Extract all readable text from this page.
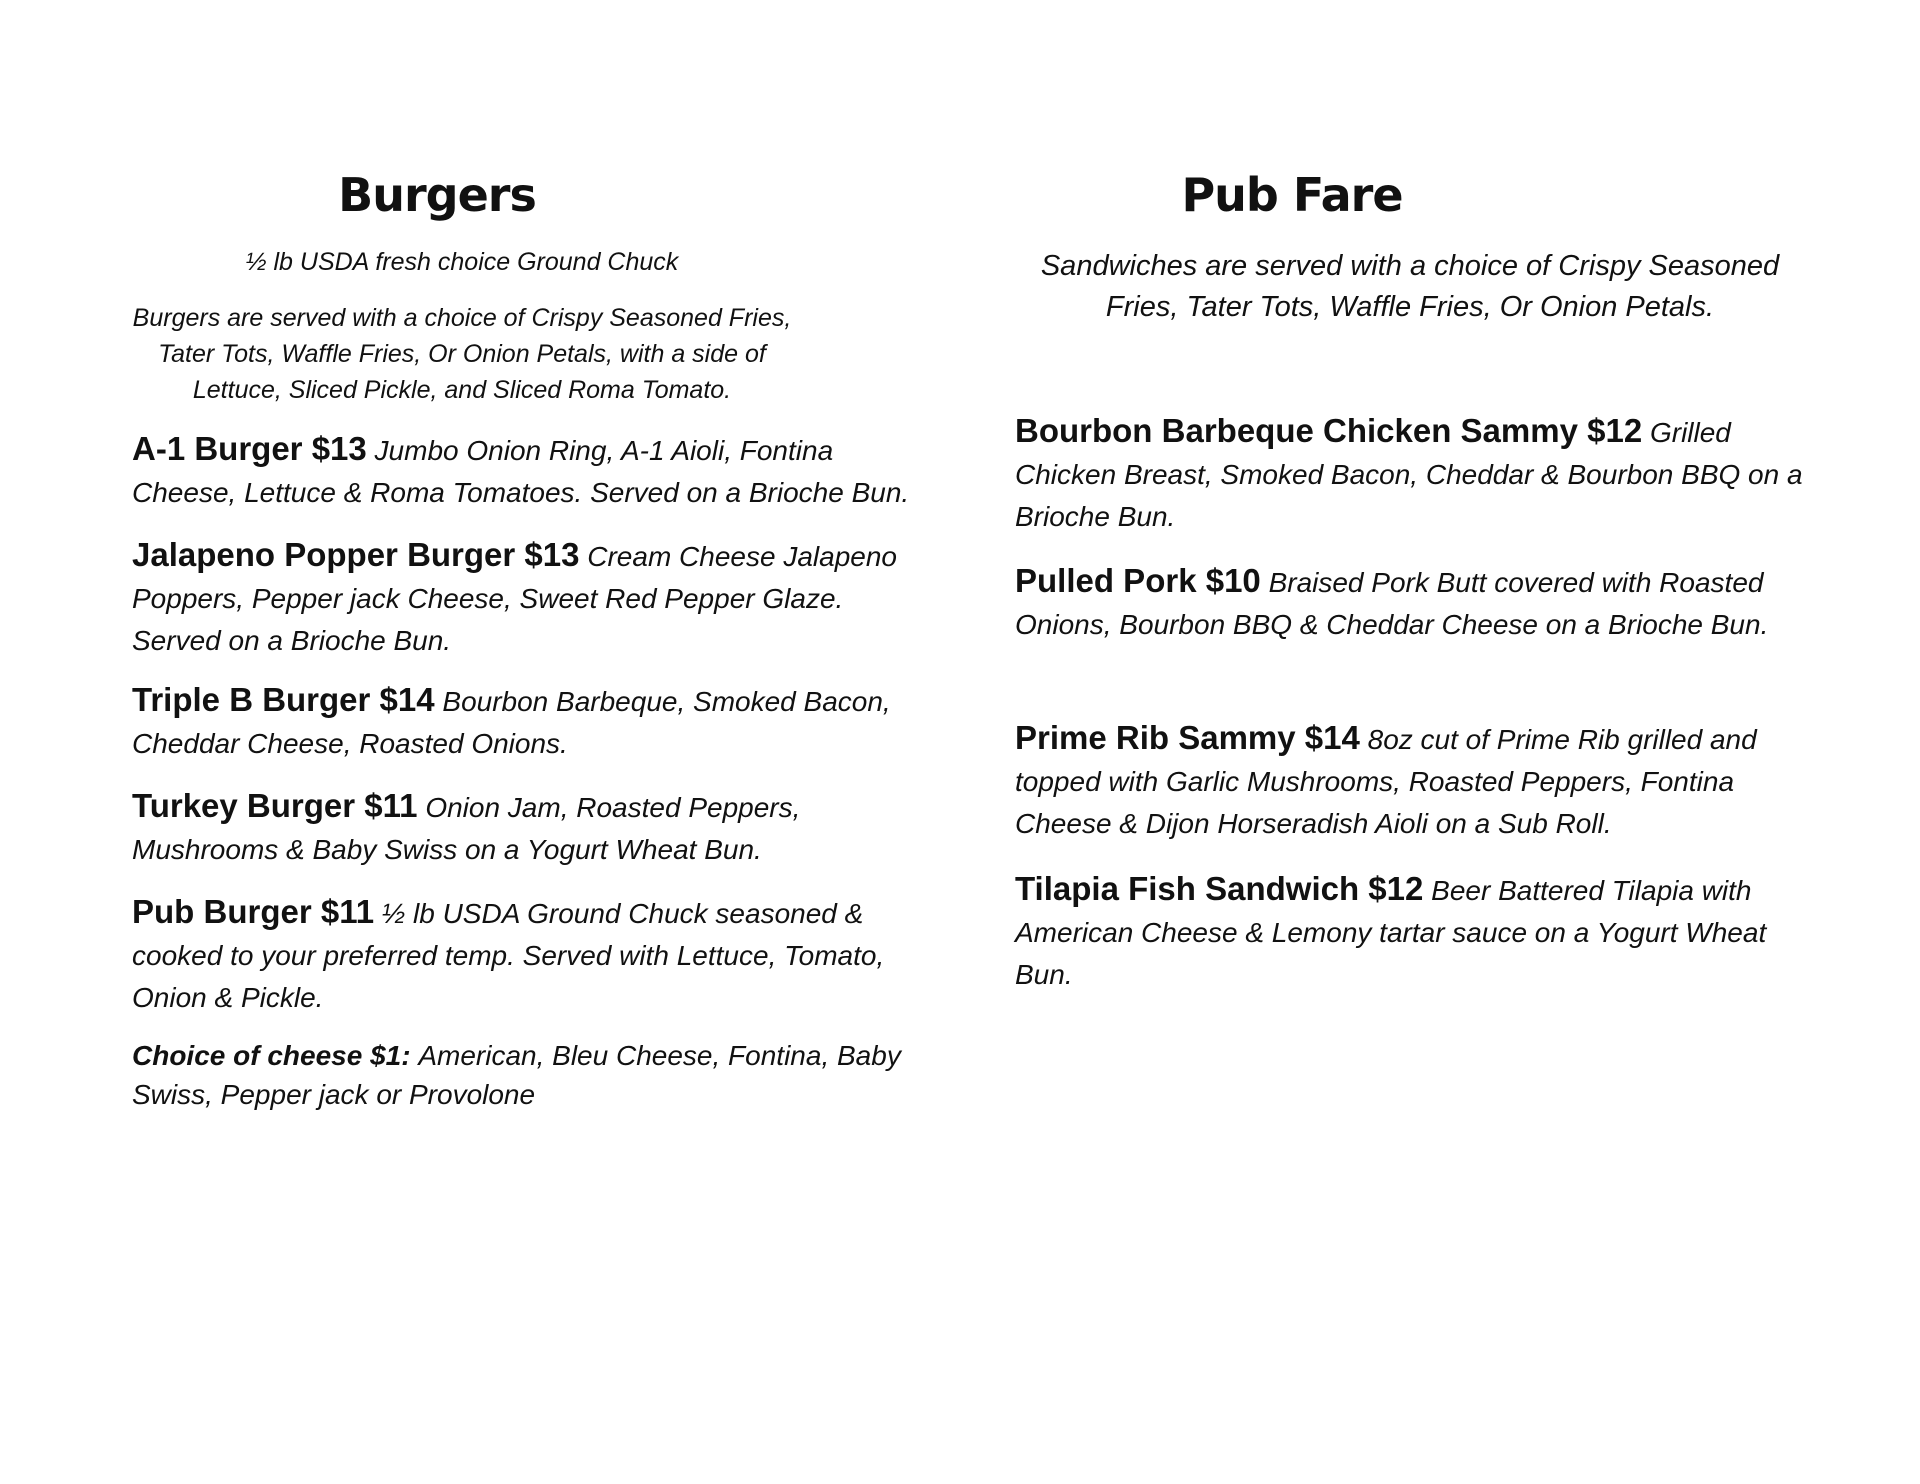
Burgers

½ lb USDA fresh choice Ground Chuck

Burgers are served with a choice of Crispy Seasoned Fries, Tater Tots, Waffle Fries, Or Onion Petals, with a side of Lettuce, Sliced Pickle, and Sliced Roma Tomato.

A-1 Burger $13 Jumbo Onion Ring, A-1 Aioli, Fontina Cheese, Lettuce & Roma Tomatoes. Served on a Brioche Bun.

Jalapeno Popper Burger $13 Cream Cheese Jalapeno Poppers, Pepper jack Cheese, Sweet Red Pepper Glaze. Served on a Brioche Bun.

Triple B Burger $14 Bourbon Barbeque, Smoked Bacon, Cheddar Cheese, Roasted Onions.

Turkey Burger $11 Onion Jam, Roasted Peppers, Mushrooms & Baby Swiss on a Yogurt Wheat Bun.

Pub Burger $11 ½ lb USDA Ground Chuck seasoned & cooked to your preferred temp. Served with Lettuce, Tomato, Onion & Pickle.

Choice of cheese $1: American, Bleu Cheese, Fontina, Baby Swiss, Pepper jack or Provolone

Pub Fare

Sandwiches are served with a choice of Crispy Seasoned Fries, Tater Tots, Waffle Fries, Or Onion Petals.

Bourbon Barbeque Chicken Sammy $12 Grilled Chicken Breast, Smoked Bacon, Cheddar & Bourbon BBQ on a Brioche Bun.

Pulled Pork $10 Braised Pork Butt covered with Roasted Onions, Bourbon BBQ & Cheddar Cheese on a Brioche Bun.

Prime Rib Sammy $14 8oz cut of Prime Rib grilled and topped with Garlic Mushrooms, Roasted Peppers, Fontina Cheese & Dijon Horseradish Aioli on a Sub Roll.

Tilapia Fish Sandwich $12 Beer Battered Tilapia with American Cheese & Lemony tartar sauce on a Yogurt Wheat Bun.
